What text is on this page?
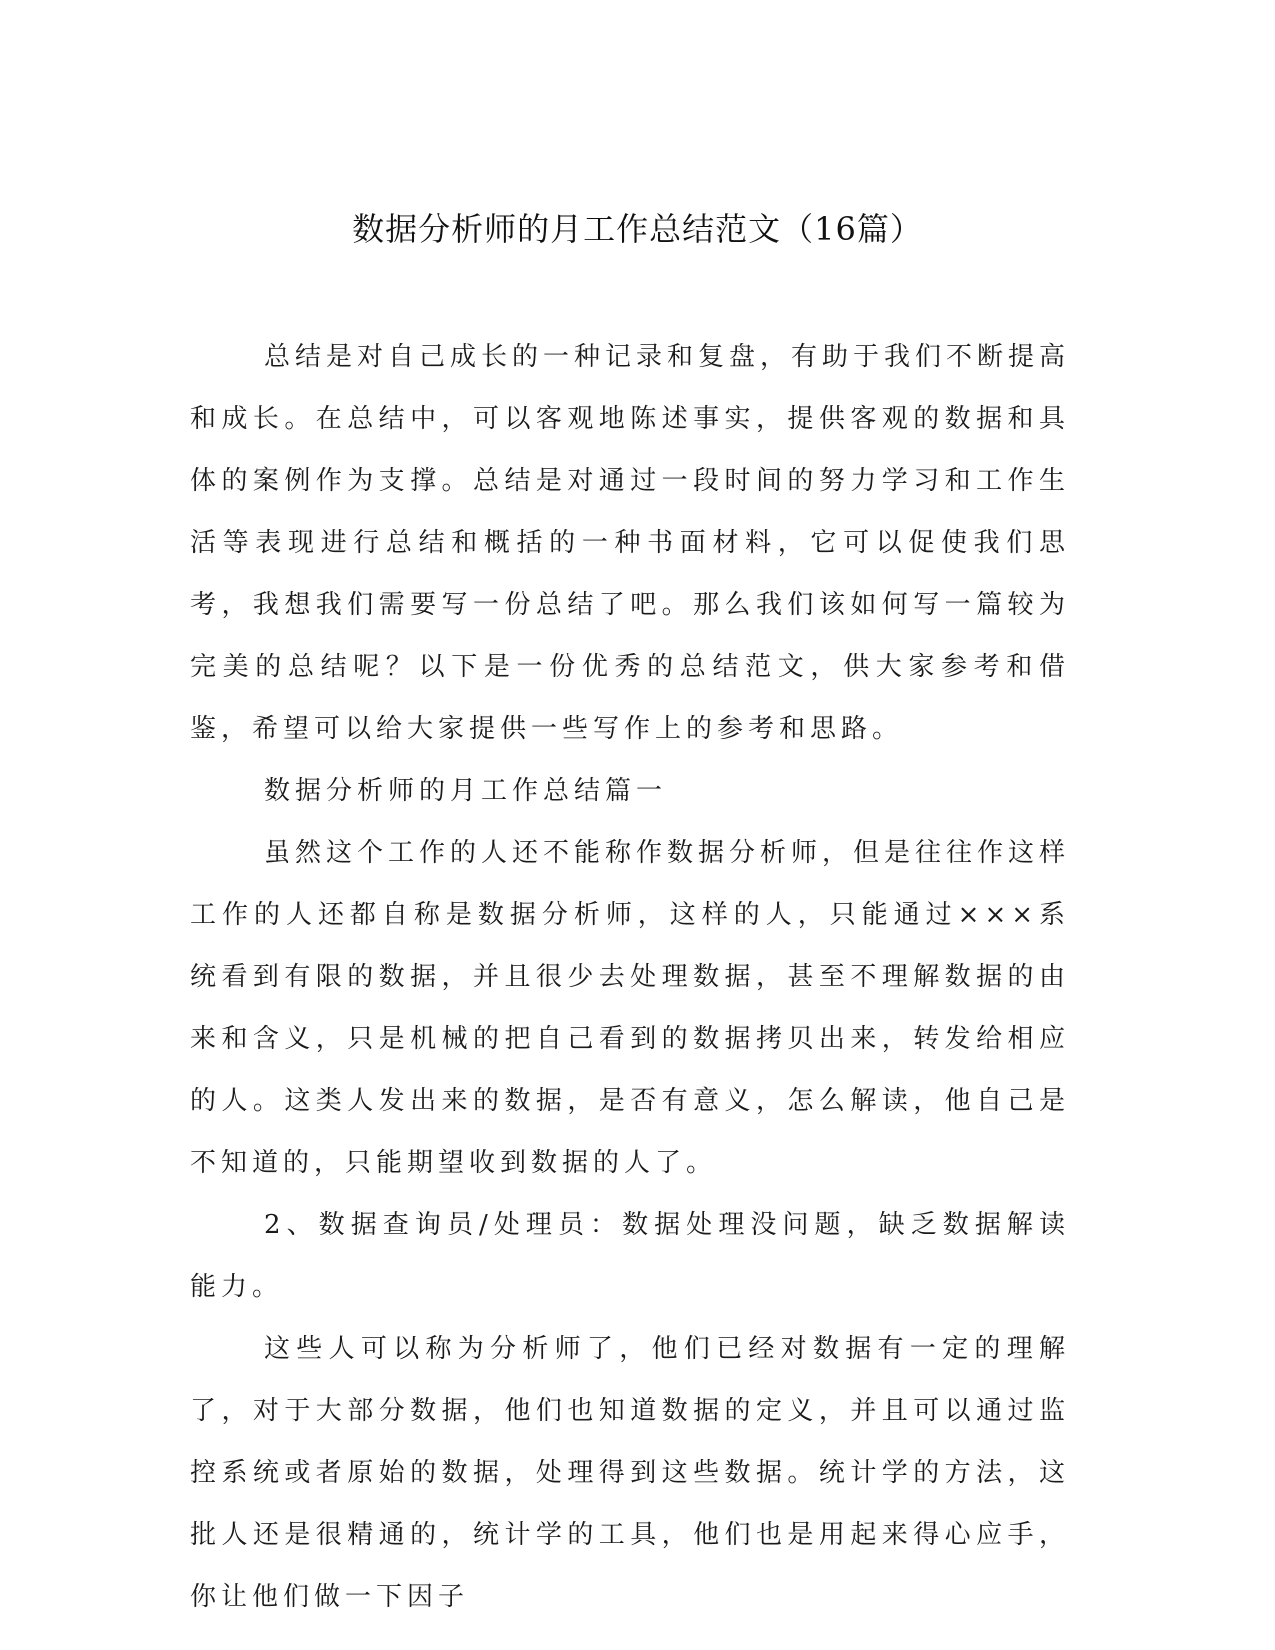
数据分析师的月工作总结范文（16篇）

总结是对自己成长的一种记录和复盘，有助于我们不断提高和成长。在总结中，可以客观地陈述事实，提供客观的数据和具体的案例作为支撑。总结是对通过一段时间的努力学习和工作生活等表现进行总结和概括的一种书面材料，它可以促使我们思考，我想我们需要写一份总结了吧。那么我们该如何写一篇较为完美的总结呢？以下是一份优秀的总结范文，供大家参考和借鉴，希望可以给大家提供一些写作上的参考和思路。

数据分析师的月工作总结篇一

虽然这个工作的人还不能称作数据分析师，但是往往作这样工作的人还都自称是数据分析师，这样的人，只能通过×××系统看到有限的数据，并且很少去处理数据，甚至不理解数据的由来和含义，只是机械的把自己看到的数据拷贝出来，转发给相应的人。这类人发出来的数据，是否有意义，怎么解读，他自己是不知道的，只能期望收到数据的人了。

2、数据查询员/处理员：数据处理没问题，缺乏数据解读能力。

这些人可以称为分析师了，他们已经对数据有一定的理解了，对于大部分数据，他们也知道数据的定义，并且可以通过监控系统或者原始的数据，处理得到这些数据。统计学的方法，这批人还是很精通的，统计学的工具，他们也是用起来得心应手，你让他们做一下因子
